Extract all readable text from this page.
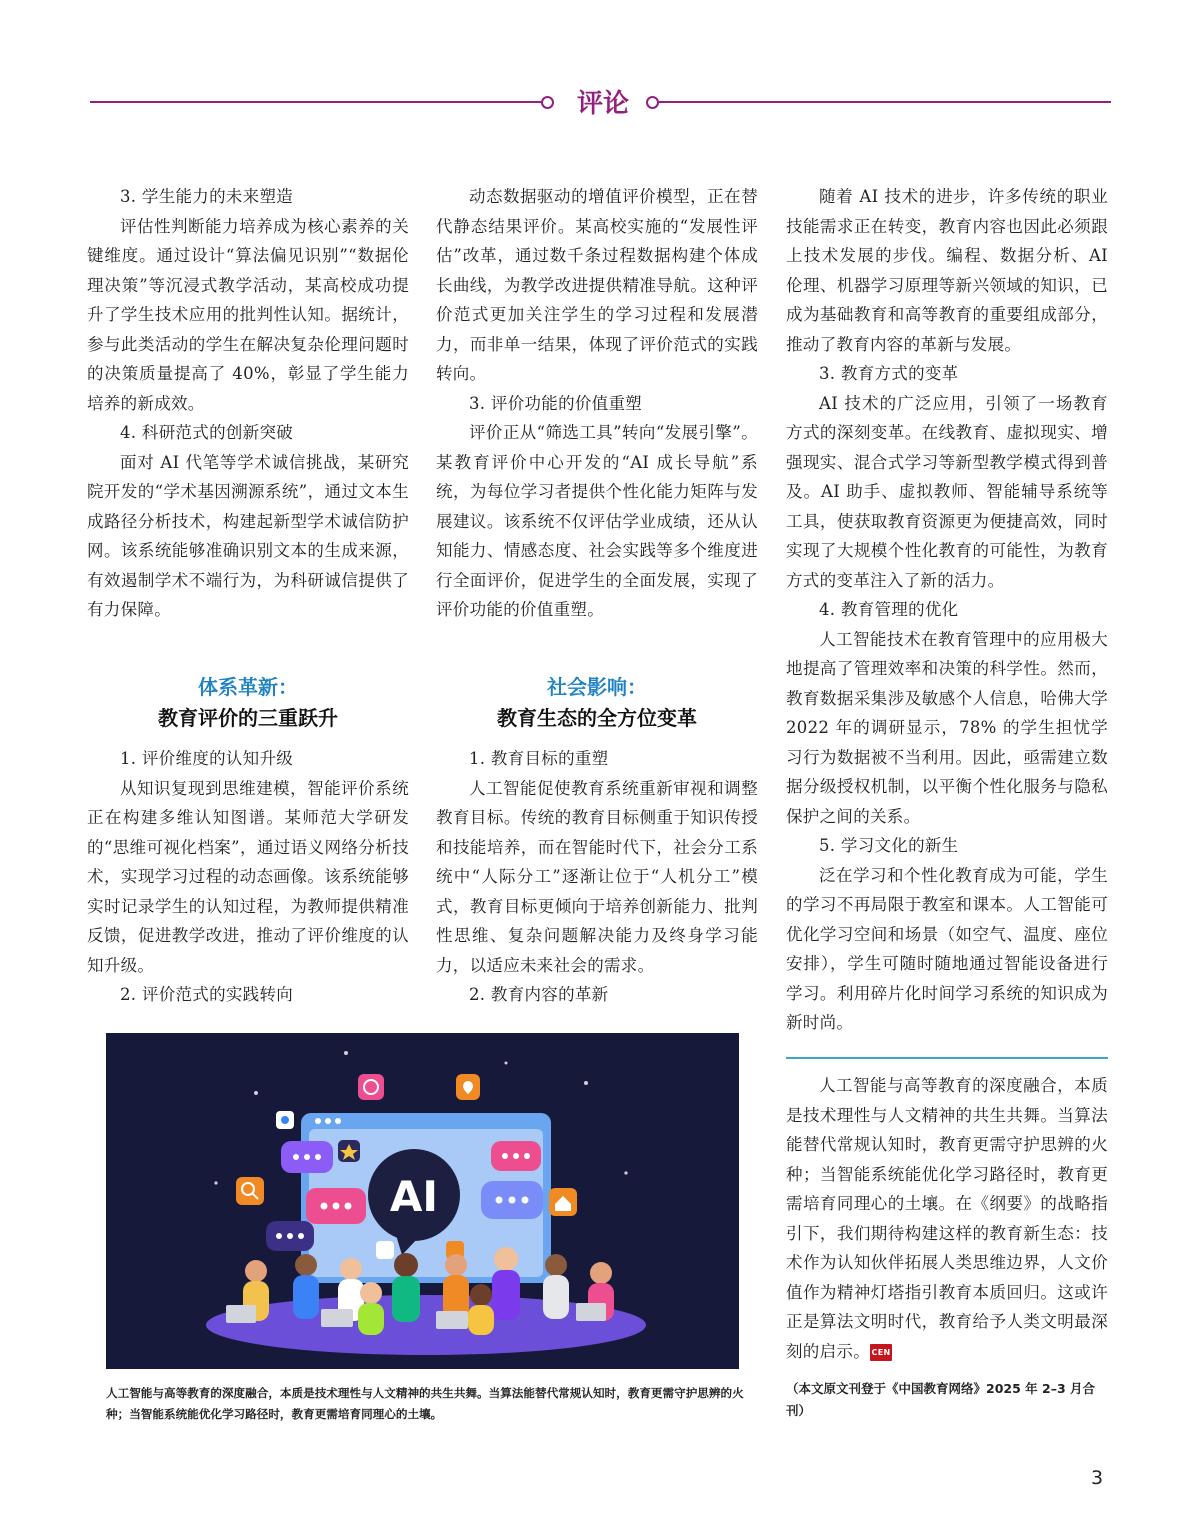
评论

3. 学生能力的未来塑造

评估性判断能力培养成为核心素养的关键维度。通过设计“算法偏见识别”“数据伦理决策”等沉浸式教学活动，某高校成功提升了学生技术应用的批判性认知。据统计，参与此类活动的学生在解决复杂伦理问题时的决策质量提高了 40%，彰显了学生能力培养的新成效。

4. 科研范式的创新突破

面对 AI 代笔等学术诚信挑战，某研究院开发的“学术基因溯源系统”，通过文本生成路径分析技术，构建起新型学术诚信防护网。该系统能够准确识别文本的生成来源，有效遏制学术不端行为，为科研诚信提供了有力保障。

体系革新：
教育评价的三重跃升

1. 评价维度的认知升级

从知识复现到思维建模，智能评价系统正在构建多维认知图谱。某师范大学研发的“思维可视化档案”，通过语义网络分析技术，实现学习过程的动态画像。该系统能够实时记录学生的认知过程，为教师提供精准反馈，促进教学改进，推动了评价维度的认知升级。

2. 评价范式的实践转向

动态数据驱动的增值评价模型，正在替代静态结果评价。某高校实施的“发展性评估”改革，通过数千条过程数据构建个体成长曲线，为教学改进提供精准导航。这种评价范式更加关注学生的学习过程和发展潜力，而非单一结果，体现了评价范式的实践转向。

3. 评价功能的价值重塑

评价正从“筛选工具”转向“发展引擎”。某教育评价中心开发的“AI 成长导航”系统，为每位学习者提供个性化能力矩阵与发展建议。该系统不仅评估学业成绩，还从认知能力、情感态度、社会实践等多个维度进行全面评价，促进学生的全面发展，实现了评价功能的价值重塑。

社会影响：
教育生态的全方位变革

1. 教育目标的重塑

人工智能促使教育系统重新审视和调整教育目标。传统的教育目标侧重于知识传授和技能培养，而在智能时代下，社会分工系统中“人际分工”逐渐让位于“人机分工”模式，教育目标更倾向于培养创新能力、批判性思维、复杂问题解决能力及终身学习能力，以适应未来社会的需求。

2. 教育内容的革新

随着 AI 技术的进步，许多传统的职业技能需求正在转变，教育内容也因此必须跟上技术发展的步伐。编程、数据分析、AI 伦理、机器学习原理等新兴领域的知识，已成为基础教育和高等教育的重要组成部分，推动了教育内容的革新与发展。

3. 教育方式的变革

AI 技术的广泛应用，引领了一场教育方式的深刻变革。在线教育、虚拟现实、增强现实、混合式学习等新型教学模式得到普及。AI 助手、虚拟教师、智能辅导系统等工具，使获取教育资源更为便捷高效，同时实现了大规模个性化教育的可能性，为教育方式的变革注入了新的活力。

4. 教育管理的优化

人工智能技术在教育管理中的应用极大地提高了管理效率和决策的科学性。然而，教育数据采集涉及敏感个人信息，哈佛大学 2022 年的调研显示，78% 的学生担忧学习行为数据被不当利用。因此，亟需建立数据分级授权机制，以平衡个性化服务与隐私保护之间的关系。

5. 学习文化的新生

泛在学习和个性化教育成为可能，学生的学习不再局限于教室和课本。人工智能可优化学习空间和场景（如空气、温度、座位安排），学生可随时随地通过智能设备进行学习。利用碎片化时间学习系统的知识成为新时尚。

人工智能与高等教育的深度融合，本质是技术理性与人文精神的共生共舞。当算法能替代常规认知时，教育更需守护思辨的火种；当智能系统能优化学习路径时，教育更需培育同理心的土壤。在《纲要》的战略指引下，我们期待构建这样的教育新生态：技术作为认知伙伴拓展人类思维边界，人文价值作为精神灯塔指引教育本质回归。这或许正是算法文明时代，教育给予人类文明最深刻的启示。 CEN

（本文原文刊登于《中国教育网络》2025 年 2–3 月合刊）
AI
人工智能与高等教育的深度融合，本质是技术理性与人文精神的共生共舞。当算法能替代常规认知时，教育更需守护思辨的火种；当智能系统能优化学习路径时，教育更需培育同理心的土壤。
3
